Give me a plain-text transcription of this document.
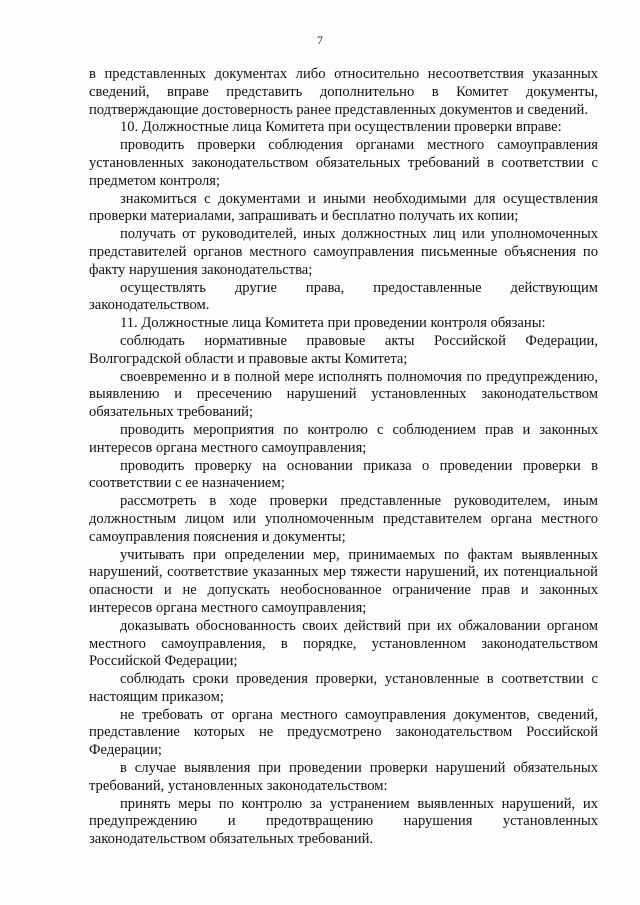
7

в представленных документах либо относительно несоответствия указанных сведений, вправе представить дополнительно в Комитет документы, подтверждающие достоверность ранее представленных документов и сведений.

10. Должностные лица Комитета при осуществлении проверки вправе:

проводить проверки соблюдения органами местного самоуправления установленных законодательством обязательных требований в соответствии с предметом контроля;

знакомиться с документами и иными необходимыми для осуществления проверки материалами, запрашивать и бесплатно получать их копии;

получать от руководителей, иных должностных лиц или уполномоченных представителей органов местного самоуправления письменные объяснения по факту нарушения законодательства;

осуществлять другие права, предоставленные действующим законодательством.

11. Должностные лица Комитета при проведении контроля обязаны:

соблюдать нормативные правовые акты Российской Федерации, Волгоградской области и правовые акты Комитета;

своевременно и в полной мере исполнять полномочия по предупреждению, выявлению и пресечению нарушений установленных законодательством обязательных требований;

проводить мероприятия по контролю с соблюдением прав и законных интересов органа местного самоуправления;

проводить проверку на основании приказа о проведении проверки в соответствии с ее назначением;

рассмотреть в ходе проверки представленные руководителем, иным должностным лицом или уполномоченным представителем органа местного самоуправления пояснения и документы;

учитывать при определении мер, принимаемых по фактам выявленных нарушений, соответствие указанных мер тяжести нарушений, их потенциальной опасности и не допускать необоснованное ограничение прав и законных интересов органа местного самоуправления;

доказывать обоснованность своих действий при их обжаловании органом местного самоуправления, в порядке, установленном законодательством Российской Федерации;

соблюдать сроки проведения проверки, установленные в соответствии с настоящим приказом;

не требовать от органа местного самоуправления документов, сведений, представление которых не предусмотрено законодательством Российской Федерации;

в случае выявления при проведении проверки нарушений обязательных требований, установленных законодательством:

принять меры по контролю за устранением выявленных нарушений, их предупреждению и предотвращению нарушения установленных законодательством обязательных требований.
